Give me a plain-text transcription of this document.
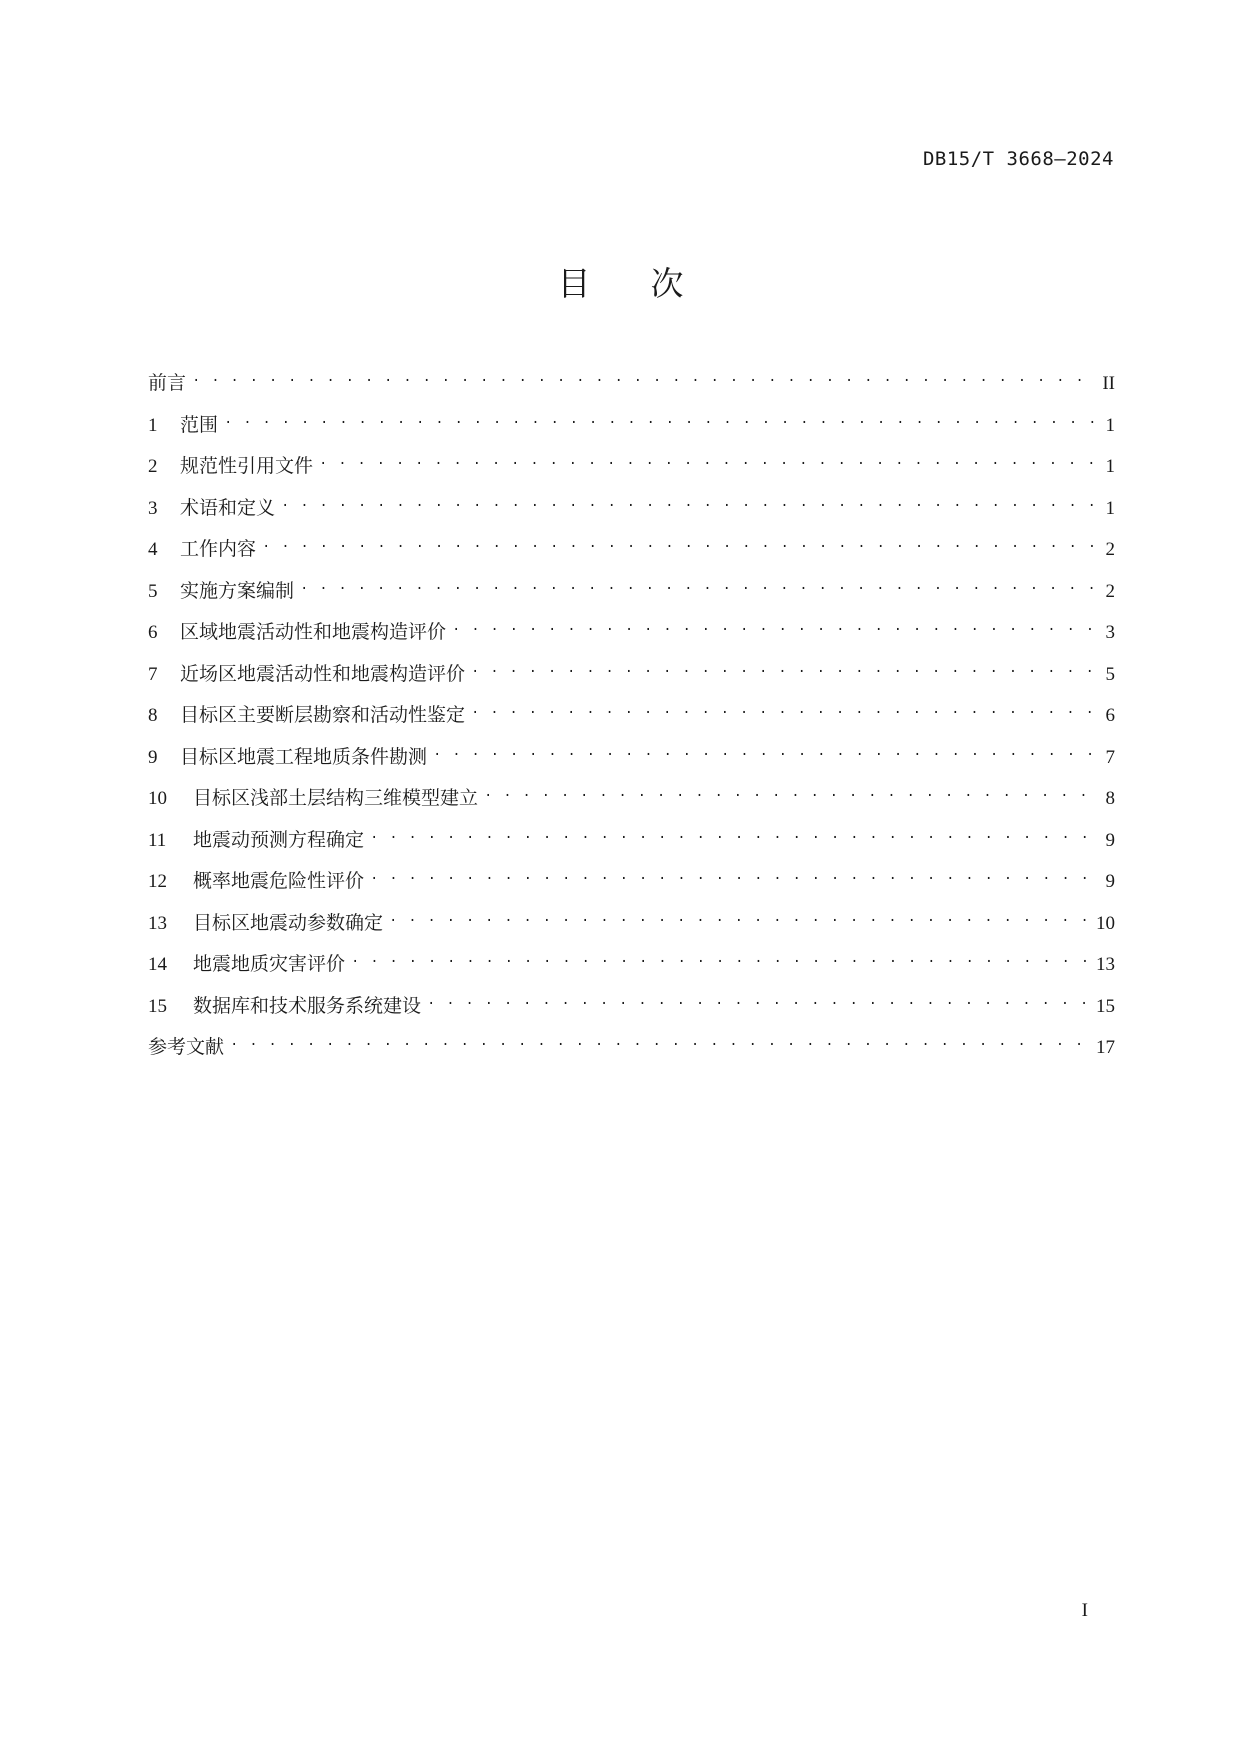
DB15/T 3668—2024
目次
前言 . . .	II
1	范围 . . .	1
2	规范性引用文件 . . .	1
3	术语和定义 . . .	1
4	工作内容 . . .	2
5	实施方案编制 . . .	2
6	区域地震活动性和地震构造评价 . . .	3
7	近场区地震活动性和地震构造评价 . . .	5
8	目标区主要断层勘察和活动性鉴定 . . .	6
9	目标区地震工程地质条件勘测 . . .	7
10	目标区浅部土层结构三维模型建立 . . .	8
11	地震动预测方程确定 . . .	9
12	概率地震危险性评价 . . .	9
13	目标区地震动参数确定 . . .	10
14	地震地质灾害评价 . . .	13
15	数据库和技术服务系统建设 . . .	15
参考文献 . . .	17
I
